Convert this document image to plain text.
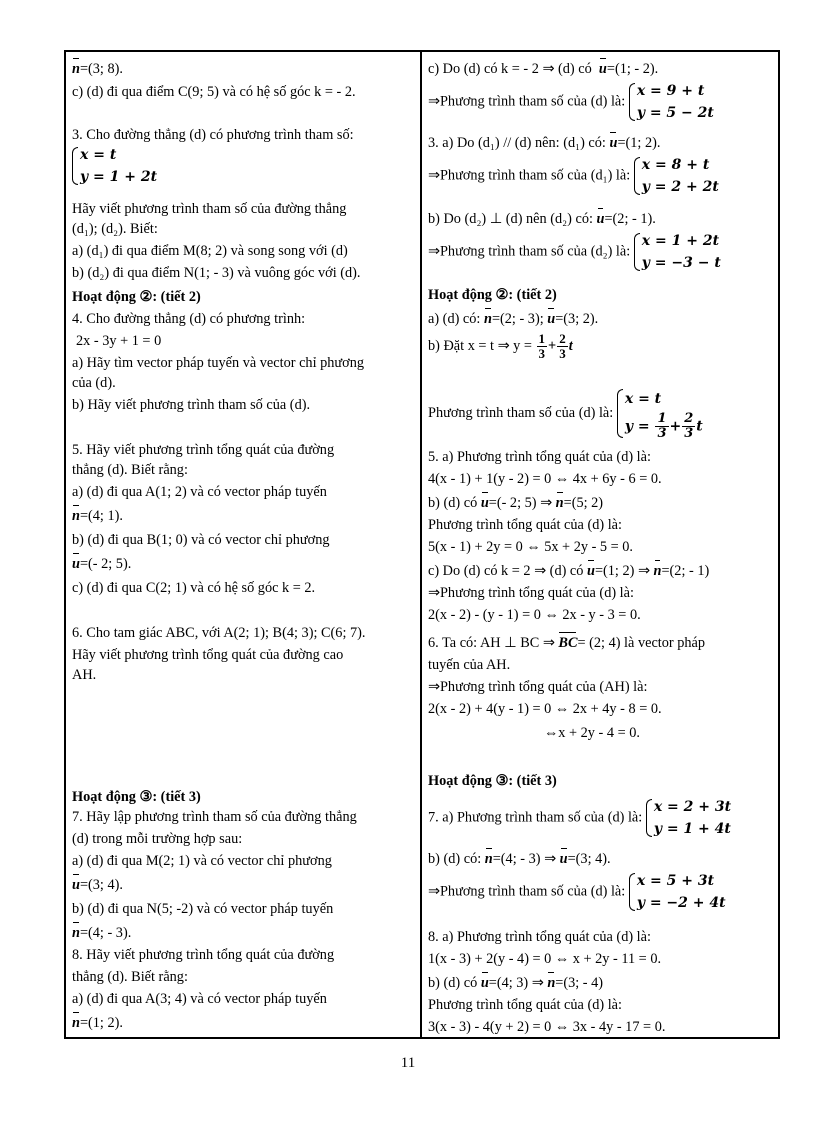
n=(3; 8).
c) (d) đi qua điểm C(9; 5) và có hệ số góc k = - 2.
3. Cho đường thẳng (d) có phương trình tham số:
x = t
y = 1 + 2t
Hãy viết phương trình tham số của đường thẳng
(d₁); (d₂). Biết:
a) (d₁) đi qua điểm M(8; 2) và song song với (d)
b) (d₂) đi qua điểm N(1; - 3) và vuông góc với (d).
Hoạt động ②: (tiết 2)
4. Cho đường thẳng (d) có phương trình:
2x - 3y + 1 = 0
a) Hãy tìm vector pháp tuyến và vector chỉ phương
của (d).
b) Hãy viết phương trình tham số của (d).
5. Hãy viết phương trình tổng quát của đường
thẳng (d). Biết rằng:
a) (d) đi qua A(1; 2) và có vector pháp tuyến
n=(4; 1).
b) (d) đi qua B(1; 0) và có vector chỉ phương
u=(- 2; 5).
c) (d) đi qua C(2; 1) và có hệ số góc k = 2.
6. Cho tam giác ABC, với A(2; 1); B(4; 3); C(6; 7).
Hãy viết phương trình tổng quát của đường cao
AH.
Hoạt động ③: (tiết 3)
7. Hãy lập phương trình tham số của đường thẳng
(d) trong mỗi trường hợp sau:
a) (d) đi qua M(2; 1) và có vector chỉ phương
u=(3; 4).
b) (d) đi qua N(5; -2) và có vector pháp tuyến
n=(4; - 3).
8. Hãy viết phương trình tổng quát của đường
thẳng (d). Biết rằng:
a) (d) đi qua A(3; 4) và có vector pháp tuyến
n=(1; 2).
c) Do (d) có k = - 2 ⇒ (d) có u=(1; - 2).
⇒Phương trình tham số của (d) là: x = 9 + t
y = 5 − 2t
3. a) Do (d₁) // (d) nên: (d₁) có: u=(1; 2).
⇒Phương trình tham số của (d₁) là: x = 8 + t
y = 2 + 2t
b) Do (d₂) ⊥ (d) nên (d₂) có: u=(2; - 1).
⇒Phương trình tham số của (d₂) là: x = 1 + 2t
y = −3 − t
Hoạt động ②: (tiết 2)
a) (d) có: n=(2; - 3); u=(3; 2).
b) Đặt x = t ⇒ $y = \frac{1}{3} + \frac{2}{3}$ t
Phương trình tham số của (d) là: x = t
$y = \frac{1}{3} + \frac{2}{3}$ t
5. a) Phương trình tổng quát của (d) là:
4(x - 1) + 1(y - 2) = 0 ⇔ 4x + 6y - 6 = 0.
b) (d) có u=(- 2; 5) ⇒ n=(5; 2)
Phương trình tổng quát của (d) là:
5(x - 1) + 2y = 0 ⇔ 5x + 2y - 5 = 0.
c) Do (d) có k = 2 ⇒ (d) có u=(1; 2) ⇒ n=(2; - 1)
⇒Phương trình tổng quát của (d) là:
2(x - 2) - (y - 1) = 0 ⇔ 2x - y - 3 = 0.
6. Ta có: AH ⊥ BC ⇒ BC= (2; 4) là vector pháp
tuyến của AH.
⇒Phương trình tổng quát của (AH) là:
2(x - 2) + 4(y - 1) = 0 ⇔ 2x + 4y - 8 = 0.
⇔x + 2y - 4 = 0.
Hoạt động ③: (tiết 3)
7. a) Phương trình tham số của (d) là: x = 2 + 3t
y = 1 + 4t
b) (d) có: n=(4; - 3) ⇒ u=(3; 4).
⇒Phương trình tham số của (d) là: x = 5 + 3t
y = −2 + 4t
8. a) Phương trình tổng quát của (d) là:
1(x - 3) + 2(y - 4) = 0 ⇔ x + 2y - 11 = 0.
b) (d) có u=(4; 3) ⇒ n=(3; - 4)
Phương trình tổng quát của (d) là:
3(x - 3) - 4(y + 2) = 0 ⇔ 3x - 4y - 17 = 0.
11
